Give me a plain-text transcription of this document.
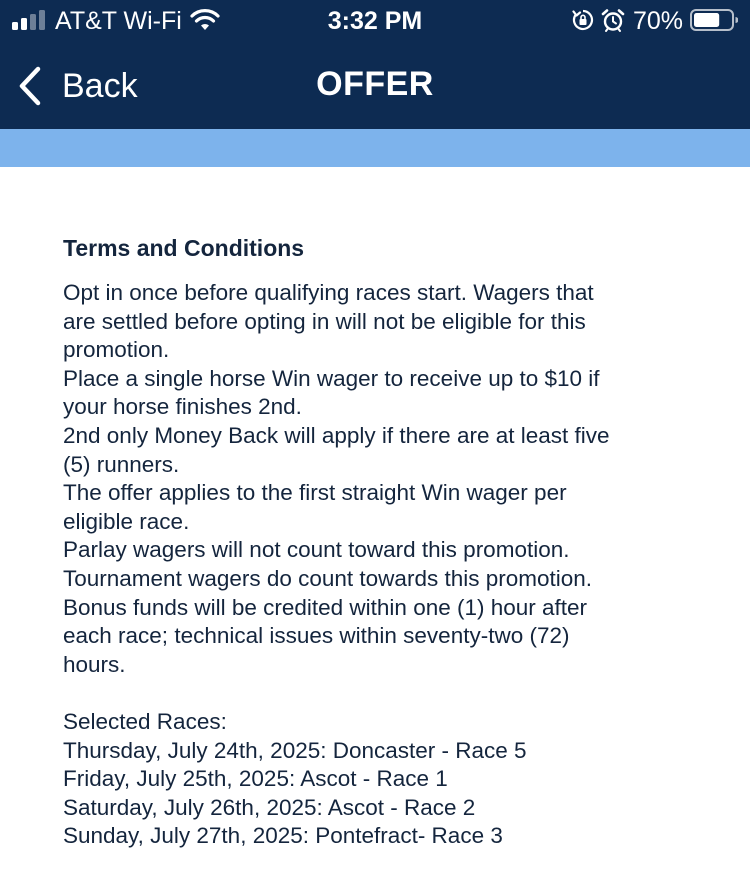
AT&T Wi-Fi	3:32 PM	70%
Back	OFFER
Terms and Conditions
Opt in once before qualifying races start. Wagers that
are settled before opting in will not be eligible for this
promotion.
Place a single horse Win wager to receive up to $10 if
your horse finishes 2nd.
2nd only Money Back will apply if there are at least five
(5) runners.
The offer applies to the first straight Win wager per
eligible race.
Parlay wagers will not count toward this promotion.
Tournament wagers do count towards this promotion.
Bonus funds will be credited within one (1) hour after
each race; technical issues within seventy-two (72)
hours.
Selected Races:
Thursday, July 24th, 2025: Doncaster - Race 5
Friday, July 25th, 2025: Ascot - Race 1
Saturday, July 26th, 2025: Ascot - Race 2
Sunday, July 27th, 2025: Pontefract- Race 3
